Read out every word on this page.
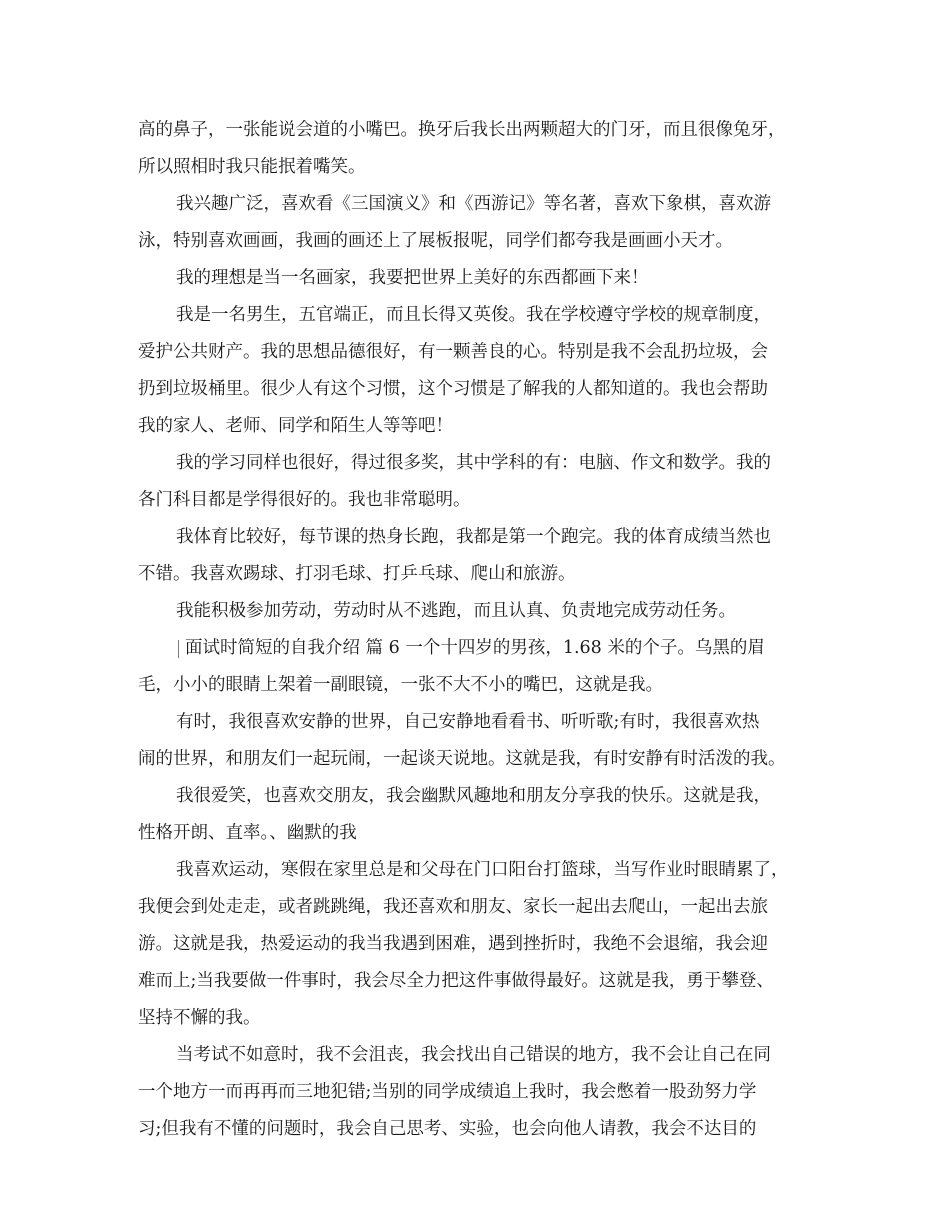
高的鼻子，一张能说会道的小嘴巴。换牙后我长出两颗超大的门牙，而且很像兔牙，
所以照相时我只能抿着嘴笑。
我兴趣广泛，喜欢看《三国演义》和《西游记》等名著，喜欢下象棋，喜欢游
泳，特别喜欢画画，我画的画还上了展板报呢，同学们都夸我是画画小天才。
我的理想是当一名画家，我要把世界上美好的东西都画下来！
我是一名男生，五官端正，而且长得又英俊。我在学校遵守学校的规章制度，
爱护公共财产。我的思想品德很好，有一颗善良的心。特别是我不会乱扔垃圾，会
扔到垃圾桶里。很少人有这个习惯，这个习惯是了解我的人都知道的。我也会帮助
我的家人、老师、同学和陌生人等等吧！
我的学习同样也很好，得过很多奖，其中学科的有：电脑、作文和数学。我的
各门科目都是学得很好的。我也非常聪明。
我体育比较好，每节课的热身长跑，我都是第一个跑完。我的体育成绩当然也
不错。我喜欢踢球、打羽毛球、打乒乓球、爬山和旅游。
我能积极参加劳动，劳动时从不逃跑，而且认真、负责地完成劳动任务。
面试时简短的自我介绍 篇 6 一个十四岁的男孩，1.68 米的个子。乌黑的眉
毛，小小的眼睛上架着一副眼镜，一张不大不小的嘴巴，这就是我。
有时，我很喜欢安静的世界，自己安静地看看书、听听歌;有时，我很喜欢热
闹的世界，和朋友们一起玩闹，一起谈天说地。这就是我，有时安静有时活泼的我。
我很爱笑，也喜欢交朋友，我会幽默风趣地和朋友分享我的快乐。这就是我，
性格开朗、直率。、幽默的我
我喜欢运动，寒假在家里总是和父母在门口阳台打篮球，当写作业时眼睛累了，
我便会到处走走，或者跳跳绳，我还喜欢和朋友、家长一起出去爬山，一起出去旅
游。这就是我，热爱运动的我当我遇到困难，遇到挫折时，我绝不会退缩，我会迎
难而上;当我要做一件事时，我会尽全力把这件事做得最好。这就是我，勇于攀登、
坚持不懈的我。
当考试不如意时，我不会沮丧，我会找出自己错误的地方，我不会让自己在同
一个地方一而再再而三地犯错;当别的同学成绩追上我时，我会憋着一股劲努力学
习;但我有不懂的问题时，我会自己思考、实验，也会向他人请教，我会不达目的
